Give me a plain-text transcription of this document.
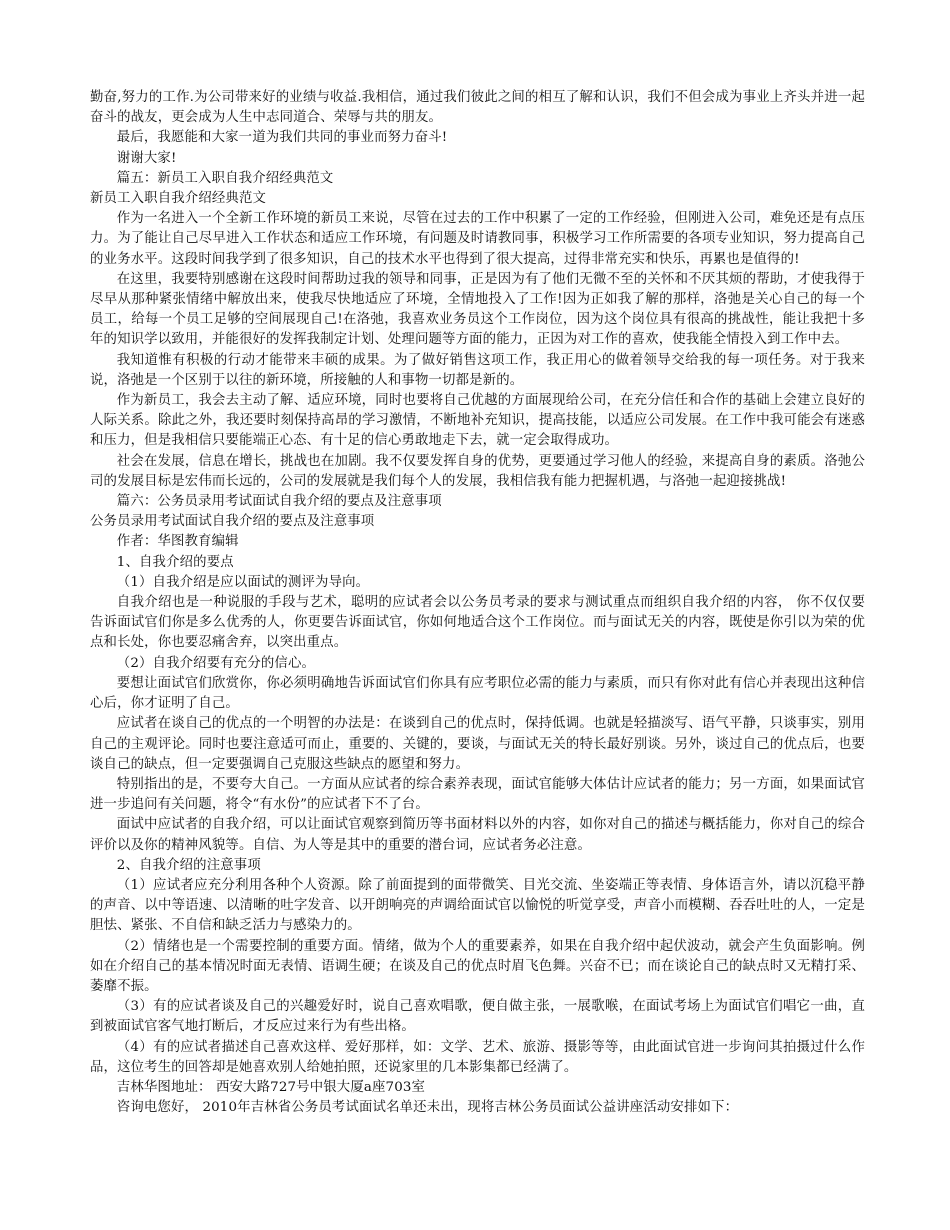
勤奋,努力的工作.为公司带来好的业绩与收益.我相信，通过我们彼此之间的相互了解和认识，我们不但会成为事业上齐头并进一起奋斗的战友，更会成为人生中志同道合、荣辱与共的朋友。

最后，我愿能和大家一道为我们共同的事业而努力奋斗!

谢谢大家!

篇五：新员工入职自我介绍经典范文

新员工入职自我介绍经典范文

作为一名进入一个全新工作环境的新员工来说，尽管在过去的工作中积累了一定的工作经验，但刚进入公司，难免还是有点压力。为了能让自己尽早进入工作状态和适应工作环境，有问题及时请教同事，积极学习工作所需要的各项专业知识，努力提高自己的业务水平。这段时间我学到了很多知识，自己的技术水平也得到了很大提高，过得非常充实和快乐，再累也是值得的!

在这里，我要特别感谢在这段时间帮助过我的领导和同事，正是因为有了他们无微不至的关怀和不厌其烦的帮助，才使我得于尽早从那种紧张情绪中解放出来，使我尽快地适应了环境，全情地投入了工作!因为正如我了解的那样，洛弛是关心自己的每一个员工，给每一个员工足够的空间展现自己!在洛弛，我喜欢业务员这个工作岗位，因为这个岗位具有很高的挑战性，能让我把十多年的知识学以致用，并能很好的发挥我制定计划、处理问题等方面的能力，正因为对工作的喜欢，使我能全情投入到工作中去。

我知道惟有积极的行动才能带来丰硕的成果。为了做好销售这项工作，我正用心的做着领导交给我的每一项任务。对于我来说，洛弛是一个区别于以往的新环境，所接触的人和事物一切都是新的。

作为新员工，我会去主动了解、适应环境，同时也要将自己优越的方面展现给公司，在充分信任和合作的基础上会建立良好的人际关系。除此之外，我还要时刻保持高昂的学习激情，不断地补充知识，提高技能，以适应公司发展。在工作中我可能会有迷惑和压力，但是我相信只要能端正心态、有十足的信心勇敢地走下去，就一定会取得成功。

社会在发展，信息在增长，挑战也在加剧。我不仅要发挥自身的优势，更要通过学习他人的经验，来提高自身的素质。洛弛公司的发展目标是宏伟而长远的，公司的发展就是我们每个人的发展，我相信我有能力把握机遇，与洛弛一起迎接挑战!

篇六：公务员录用考试面试自我介绍的要点及注意事项

公务员录用考试面试自我介绍的要点及注意事项

作者：华图教育编辑

1、自我介绍的要点

（1）自我介绍是应以面试的测评为导向。

自我介绍也是一种说服的手段与艺术，聪明的应试者会以公务员考录的要求与测试重点而组织自我介绍的内容， 你不仅仅要告诉面试官们你是多么优秀的人，你更要告诉面试官，你如何地适合这个工作岗位。而与面试无关的内容，既使是你引以为荣的优点和长处，你也要忍痛舍弃，以突出重点。

（2）自我介绍要有充分的信心。

要想让面试官们欣赏你，你必须明确地告诉面试官们你具有应考职位必需的能力与素质，而只有你对此有信心并表现出这种信心后，你才证明了自己。

应试者在谈自己的优点的一个明智的办法是：在谈到自己的优点时，保持低调。也就是轻描淡写、语气平静，只谈事实，别用自己的主观评论。同时也要注意适可而止，重要的、关键的，要谈，与面试无关的特长最好别谈。另外，谈过自己的优点后，也要谈自己的缺点，但一定要强调自己克服这些缺点的愿望和努力。

特别指出的是，不要夸大自己。一方面从应试者的综合素养表现，面试官能够大体估计应试者的能力；另一方面，如果面试官进一步追问有关问题，将令“有水份”的应试者下不了台。

面试中应试者的自我介绍，可以让面试官观察到简历等书面材料以外的内容，如你对自己的描述与概括能力，你对自己的综合评价以及你的精神风貌等。自信、为人等是其中的重要的潜台词，应试者务必注意。

2、自我介绍的注意事项

（1）应试者应充分利用各种个人资源。除了前面提到的面带微笑、目光交流、坐姿端正等表情、身体语言外，请以沉稳平静的声音、以中等语速、以清晰的吐字发音、以开朗响亮的声调给面试官以愉悦的听觉享受，声音小而模糊、吞吞吐吐的人，一定是胆怯、紧张、不自信和缺乏活力与感染力的。

（2）情绪也是一个需要控制的重要方面。情绪，做为个人的重要素养，如果在自我介绍中起伏波动，就会产生负面影响。例如在介绍自己的基本情况时面无表情、语调生硬；在谈及自己的优点时眉飞色舞。兴奋不已；而在谈论自己的缺点时又无精打采、萎靡不振。

（3）有的应试者谈及自己的兴趣爱好时，说自己喜欢唱歌，便自做主张，一展歌喉，在面试考场上为面试官们唱它一曲，直到被面试官客气地打断后，才反应过来行为有些出格。

（4）有的应试者描述自己喜欢这样、爱好那样，如：文学、艺术、旅游、摄影等等，由此面试官进一步询问其拍摄过什么作品，这位考生的回答却是她喜欢别人给她拍照，还说家里的几本影集都已经满了。

吉林华图地址： 西安大路727号中银大厦a座703室

咨询电您好， 2010年吉林省公务员考试面试名单还未出，现将吉林公务员面试公益讲座活动安排如下：
